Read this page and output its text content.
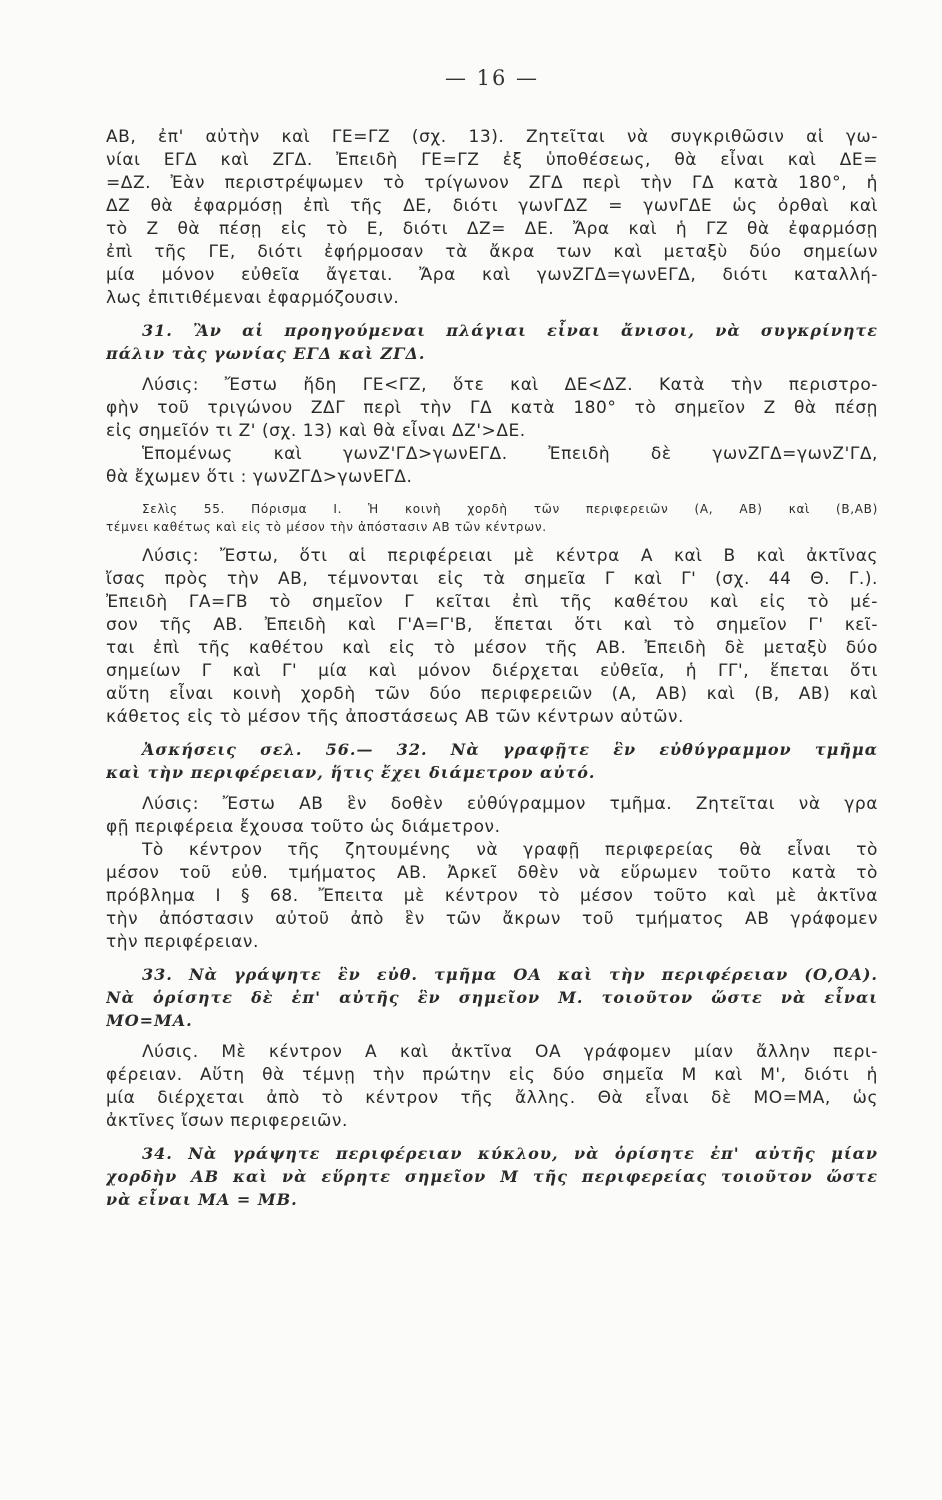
— 16 —
ΑΒ, ἐπ' αὐτὴν καὶ ΓΕ=ΓΖ (σχ. 13). Ζητεῖται νὰ συγκριθῶσιν αἱ γω-
νίαι ΕΓΔ καὶ ΖΓΔ. Ἐπειδὴ ΓΕ=ΓΖ ἐξ ὑποθέσεως, θὰ εἶναι καὶ ΔΕ=
=ΔΖ. Ἐὰν περιστρέψωμεν τὸ τρίγωνον ΖΓΔ περὶ τὴν ΓΔ κατὰ 180°, ἡ
ΔΖ θὰ ἐφαρμόσῃ ἐπὶ τῆς ΔΕ, διότι γωνΓΔΖ = γωνΓΔΕ ὡς ὀρθαὶ καὶ
τὸ Ζ θὰ πέσῃ εἰς τὸ Ε, διότι ΔΖ= ΔΕ. Ἄρα καὶ ἡ ΓΖ θὰ ἐφαρμόσῃ
ἐπὶ τῆς ΓΕ, διότι ἐφήρμοσαν τὰ ἄκρα των καὶ μεταξὺ δύο σημείων
μία μόνον εὐθεῖα ἄγεται. Ἄρα καὶ γωνΖΓΔ=γωνΕΓΔ, διότι καταλλή-
λως ἐπιτιθέμεναι ἐφαρμόζουσιν.
31. Ἂν αἱ προηγούμεναι πλάγιαι εἶναι ἄνισοι, νὰ συγκρίνητε
πάλιν τὰς γωνίας ΕΓΔ καὶ ΖΓΔ.
Λύσις: Ἔστω ἤδη ΓΕ<ΓΖ, ὅτε καὶ ΔΕ<ΔΖ. Κατὰ τὴν περιστρο-
φὴν τοῦ τριγώνου ΖΔΓ περὶ τὴν ΓΔ κατὰ 180° τὸ σημεῖον Ζ θὰ πέσῃ
εἰς σημεῖόν τι Ζ' (σχ. 13) καὶ θὰ εἶναι ΔΖ'>ΔΕ.
Ἑπομένως καὶ γωνΖ'ΓΔ>γωνΕΓΔ. Ἐπειδὴ δὲ γωνΖΓΔ=γωνΖ'ΓΔ,
θὰ ἔχωμεν ὅτι : γωνΖΓΔ>γωνΕΓΔ.
Σελὶς 55. Πόρισμα I. Ἡ κοινὴ χορδὴ τῶν περιφερειῶν (Α, ΑΒ) καὶ (Β,ΑΒ)
τέμνει καθέτως καὶ εἰς τὸ μέσον τὴν ἀπόστασιν ΑΒ τῶν κέντρων.
Λύσις: Ἔστω, ὅτι αἱ περιφέρειαι μὲ κέντρα Α καὶ Β καὶ ἀκτῖνας
ἴσας πρὸς τὴν ΑΒ, τέμνονται εἰς τὰ σημεῖα Γ καὶ Γ' (σχ. 44 Θ. Γ.).
Ἐπειδὴ ΓΑ=ΓΒ τὸ σημεῖον Γ κεῖται ἐπὶ τῆς καθέτου καὶ εἰς τὸ μέ-
σον τῆς ΑΒ. Ἐπειδὴ καὶ Γ'Α=Γ'Β, ἕπεται ὅτι καὶ τὸ σημεῖον Γ' κεῖ-
ται ἐπὶ τῆς καθέτου καὶ εἰς τὸ μέσον τῆς ΑΒ. Ἐπειδὴ δὲ μεταξὺ δύο
σημείων Γ καὶ Γ' μία καὶ μόνον διέρχεται εὐθεῖα, ἡ ΓΓ', ἕπεται ὅτι
αὕτη εἶναι κοινὴ χορδὴ τῶν δύο περιφερειῶν (Α, ΑΒ) καὶ (Β, ΑΒ) καὶ
κάθετος εἰς τὸ μέσον τῆς ἀποστάσεως ΑΒ τῶν κέντρων αὐτῶν.
Ἀσκήσεις σελ. 56.— 32. Νὰ γραφῇτε ἓν εὐθύγραμμον τμῆμα
καὶ τὴν περιφέρειαν, ἥτις ἔχει διάμετρον αὐτό.
Λύσις: Ἔστω ΑΒ ἓν δοθὲν εὐθύγραμμον τμῆμα. Ζητεῖται νὰ γρα
φῇ περιφέρεια ἔχουσα τοῦτο ὡς διάμετρον.
Τὸ κέντρον τῆς ζητουμένης νὰ γραφῇ περιφερείας θὰ εἶναι τὸ
μέσον τοῦ εὐθ. τμήματος ΑΒ. Ἀρκεῖ δθὲν νὰ εὕρωμεν τοῦτο κατὰ τὸ
πρόβλημα I § 68. Ἔπειτα μὲ κέντρον τὸ μέσον τοῦτο καὶ μὲ ἀκτῖνα
τὴν ἀπόστασιν αὐτοῦ ἀπὸ ἓν τῶν ἄκρων τοῦ τμήματος ΑΒ γράφομεν
τὴν περιφέρειαν.
33. Νὰ γράψητε ἓν εὐθ. τμῆμα ΟΑ καὶ τὴν περιφέρειαν (Ο,ΟΑ).
Νὰ ὁρίσητε δὲ ἐπ' αὐτῆς ἓν σημεῖον Μ. τοιοῦτον ὥστε νὰ εἶναι
ΜΟ=ΜΑ.
Λύσις. Μὲ κέντρον Α καὶ ἀκτῖνα ΟΑ γράφομεν μίαν ἄλλην περι-
φέρειαν. Αὕτη θὰ τέμνῃ τὴν πρώτην εἰς δύο σημεῖα Μ καὶ Μ', διότι ἡ
μία διέρχεται ἀπὸ τὸ κέντρον τῆς ἄλλης. Θὰ εἶναι δὲ ΜΟ=ΜΑ, ὡς
ἀκτῖνες ἴσων περιφερειῶν.
34. Νὰ γράψητε περιφέρειαν κύκλου, νὰ ὁρίσητε ἐπ' αὐτῆς μίαν
χορδὴν ΑΒ καὶ νὰ εὕρητε σημεῖον Μ τῆς περιφερείας τοιοῦτον ὥστε
νὰ εἶναι ΜΑ = ΜΒ.
